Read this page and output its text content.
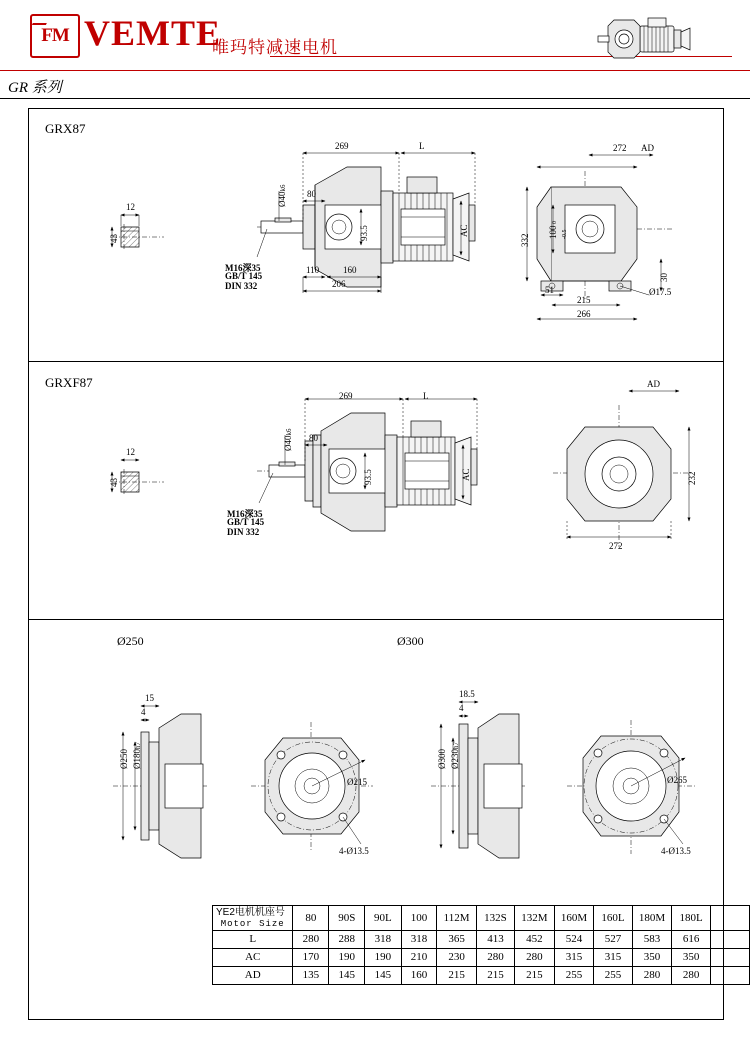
FM VEMTE
唯玛特减速电机
GR 系列
GRX87
GRXF87
269	L
80
110	160
206
93.5
12
43
Ø40k6
AC
M16深35
GB/T 145
DIN 332
272 AD
332
100 0
-0.5
30
51
215
266
Ø17.5
269	L
80
93.5
12
43
Ø40k6
AC
M16深35
GB/T 145
DIN 332
AD
232
272
Ø250	Ø300
15
4
Ø250 Ø180h7
Ø215
4-Ø13.5
18.5
4
Ø300 Ø230h7
Ø265
4-Ø13.5
YE2电机机座号
Motor Size	80	90S	90L	100	112M	132S	132M	160M	160L	180M	180L	
L	280	288	318	318	365	413	452	524	527	583	616	
AC	170	190	190	210	230	280	280	315	315	350	350	
AD	135	145	145	160	215	215	215	255	255	280	280	
